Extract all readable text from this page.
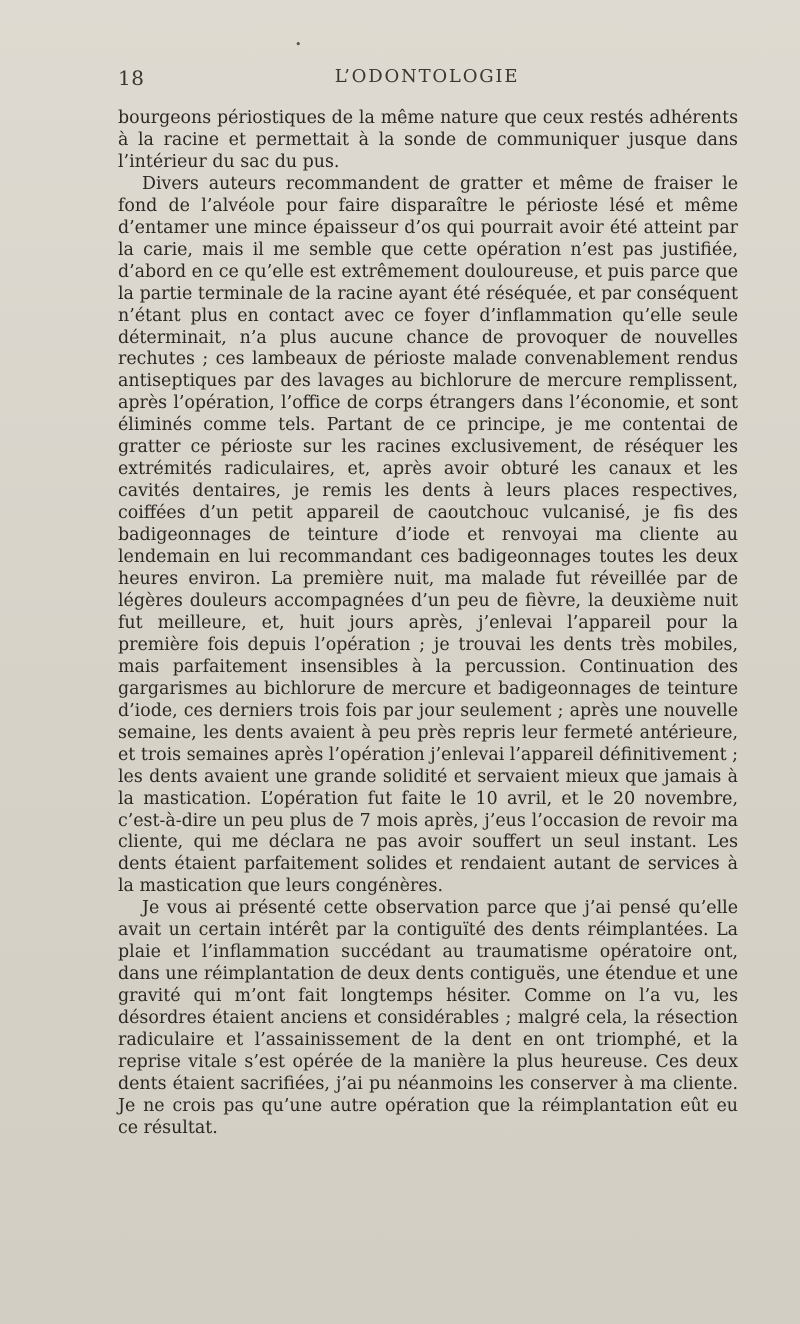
•
18	L’ODONTOLOGIE

bourgeons périostiques de la même nature que ceux restés adhérents à la racine et permettait à la sonde de communiquer jusque dans l’intérieur du sac du pus.

Divers auteurs recommandent de gratter et même de fraiser le fond de l’alvéole pour faire disparaître le périoste lésé et même d’entamer une mince épaisseur d’os qui pourrait avoir été atteint par la carie, mais il me semble que cette opération n’est pas justifiée, d’abord en ce qu’elle est extrêmement douloureuse, et puis parce que la partie terminale de la racine ayant été réséquée, et par conséquent n’étant plus en contact avec ce foyer d’inflammation qu’elle seule déterminait, n’a plus aucune chance de provoquer de nouvelles rechutes ; ces lambeaux de périoste malade convenablement rendus antiseptiques par des lavages au bichlorure de mercure remplissent, après l’opération, l’office de corps étrangers dans l’économie, et sont éliminés comme tels. Partant de ce principe, je me contentai de gratter ce périoste sur les racines exclusivement, de réséquer les extrémités radiculaires, et, après avoir obturé les canaux et les cavités dentaires, je remis les dents à leurs places respectives, coiffées d’un petit appareil de caoutchouc vulcanisé, je fis des badigeonnages de teinture d’iode et renvoyai ma cliente au lendemain en lui recommandant ces badigeonnages toutes les deux heures environ. La première nuit, ma malade fut réveillée par de légères douleurs accompagnées d’un peu de fièvre, la deuxième nuit fut meilleure, et, huit jours après, j’enlevai l’appareil pour la première fois depuis l’opération ; je trouvai les dents très mobiles, mais parfaitement insensibles à la percussion. Continuation des gargarismes au bichlorure de mercure et badigeonnages de teinture d’iode, ces derniers trois fois par jour seulement ; après une nouvelle semaine, les dents avaient à peu près repris leur fermeté antérieure, et trois semaines après l’opération j’enlevai l’appareil définitivement ; les dents avaient une grande solidité et servaient mieux que jamais à la mastication. L’opération fut faite le 10 avril, et le 20 novembre, c’est-à-dire un peu plus de 7 mois après, j’eus l’occasion de revoir ma cliente, qui me déclara ne pas avoir souffert un seul instant. Les dents étaient parfaitement solides et rendaient autant de services à la mastication que leurs congénères.

Je vous ai présenté cette observation parce que j’ai pensé qu’elle avait un certain intérêt par la contiguïté des dents réimplantées. La plaie et l’inflammation succédant au traumatisme opératoire ont, dans une réimplantation de deux dents contiguës, une étendue et une gravité qui m’ont fait longtemps hésiter. Comme on l’a vu, les désordres étaient anciens et considérables ; malgré cela, la résection radiculaire et l’assainissement de la dent en ont triomphé, et la reprise vitale s’est opérée de la manière la plus heureuse. Ces deux dents étaient sacrifiées, j’ai pu néanmoins les conserver à ma cliente. Je ne crois pas qu’une autre opération que la réimplantation eût eu ce résultat.
